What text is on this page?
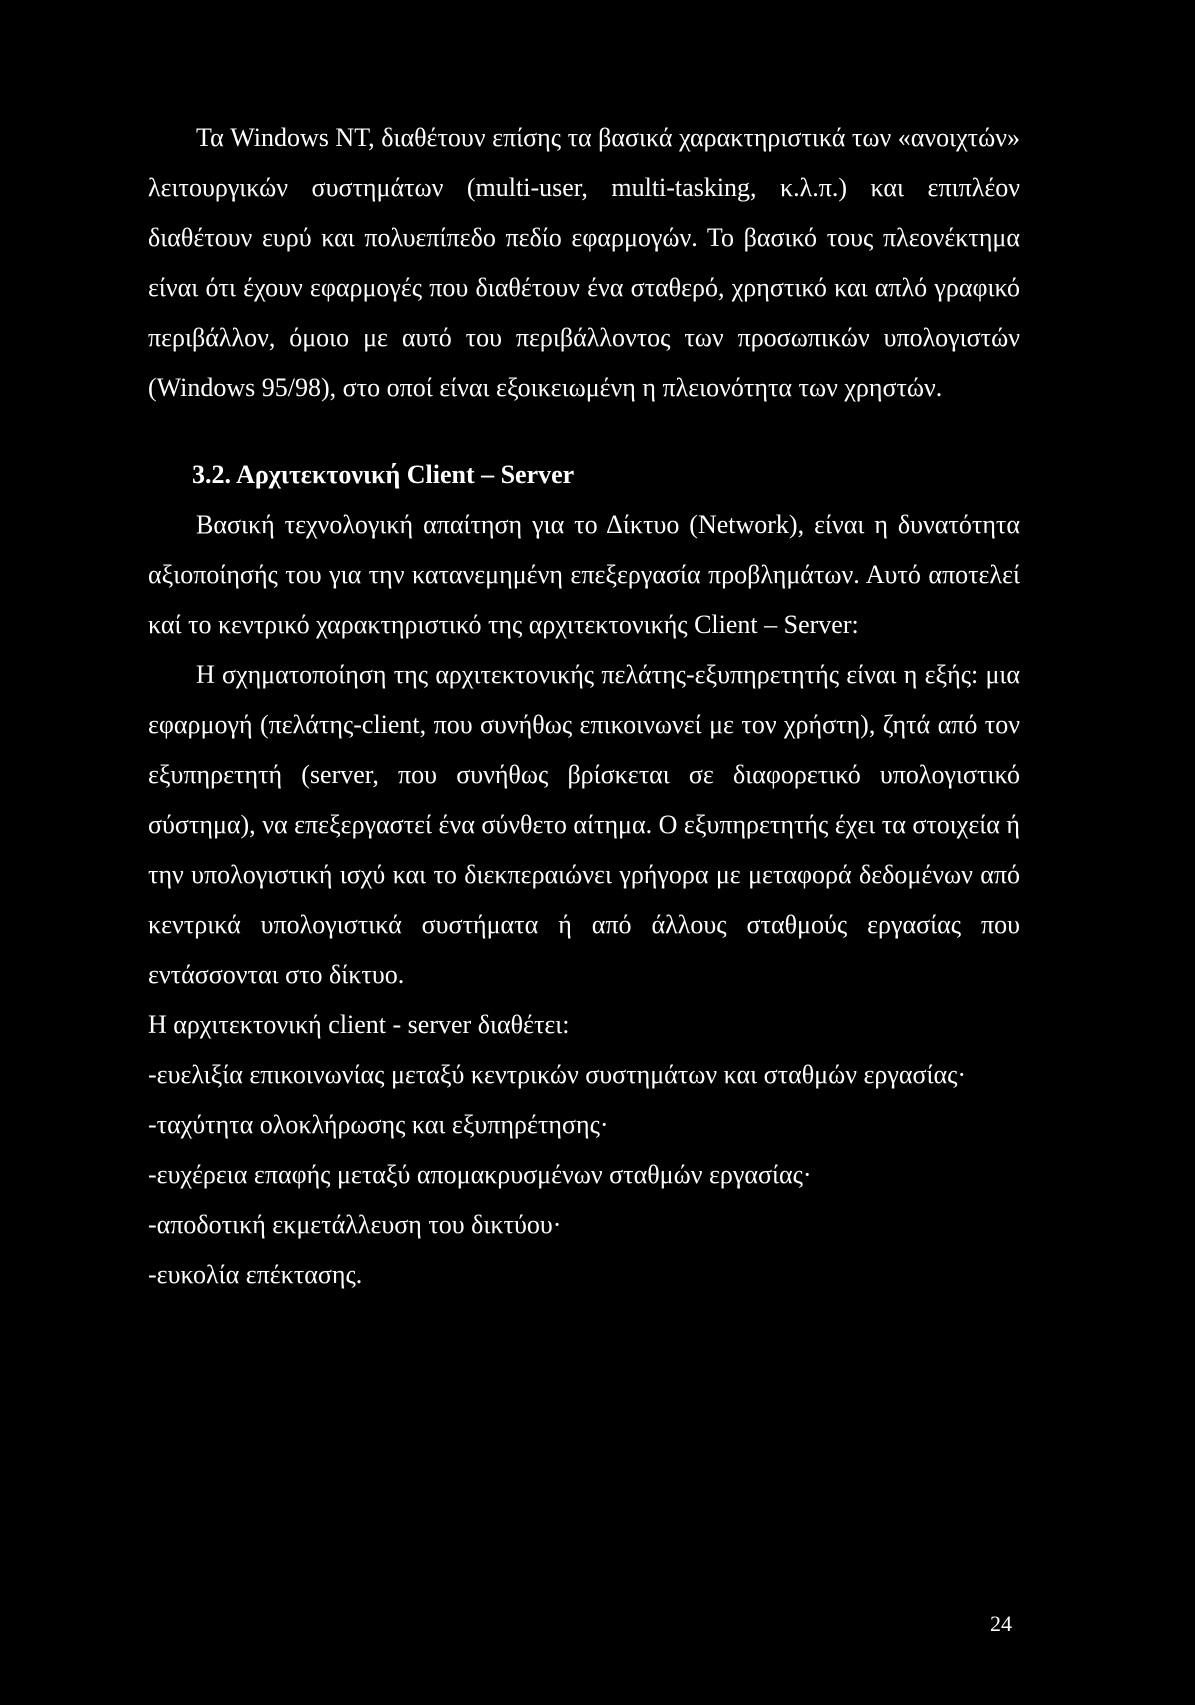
Τα Windows NT, διαθέτουν επίσης τα βασικά χαρακτηριστικά των «ανοιχτών» λειτουργικών συστημάτων (multi-user, multi-tasking, κ.λ.π.) και επιπλέον διαθέτουν ευρύ και πολυεπίπεδο πεδίο εφαρμογών. Το βασικό τους πλεονέκτημα είναι ότι έχουν εφαρμογές που διαθέτουν ένα σταθερό, χρηστικό και απλό γραφικό περιβάλλον, όμοιο με αυτό του περιβάλλοντος των προσωπικών υπολογιστών (Windows 95/98), στο οποί είναι εξοικειωμένη η πλειονότητα των χρηστών.

3.2. Αρχιτεκτονική Client – Server

Βασική τεχνολογική απαίτηση για το Δίκτυο (Network), είναι η δυνατότητα αξιοποίησής του για την κατανεμημένη επεξεργασία προβλημάτων. Αυτό αποτελεί καί το κεντρικό χαρακτηριστικό της αρχιτεκτονικής Client – Server:

Η σχηματοποίηση της αρχιτεκτονικής πελάτης-εξυπηρετητής είναι η εξής: μια εφαρμογή (πελάτης-client, που συνήθως επικοινωνεί με τον χρήστη), ζητά από τον εξυπηρετητή (server, που συνήθως βρίσκεται σε διαφορετικό υπολογιστικό σύστημα), να επεξεργαστεί ένα σύνθετο αίτημα. Ο εξυπηρετητής έχει τα στοιχεία ή την υπολογιστική ισχύ και το διεκπεραιώνει γρήγορα με μεταφορά δεδομένων από κεντρικά υπολογιστικά συστήματα ή από άλλους σταθμούς εργασίας που εντάσσονται στο δίκτυο.

Η αρχιτεκτονική client - server διαθέτει:

-ευελιξία επικοινωνίας μεταξύ κεντρικών συστημάτων και σταθμών εργασίας·
-ταχύτητα ολοκλήρωσης και εξυπηρέτησης·
-ευχέρεια επαφής μεταξύ απομακρυσμένων σταθμών εργασίας·
-αποδοτική εκμετάλλευση του δικτύου·
-ευκολία επέκτασης.
24
